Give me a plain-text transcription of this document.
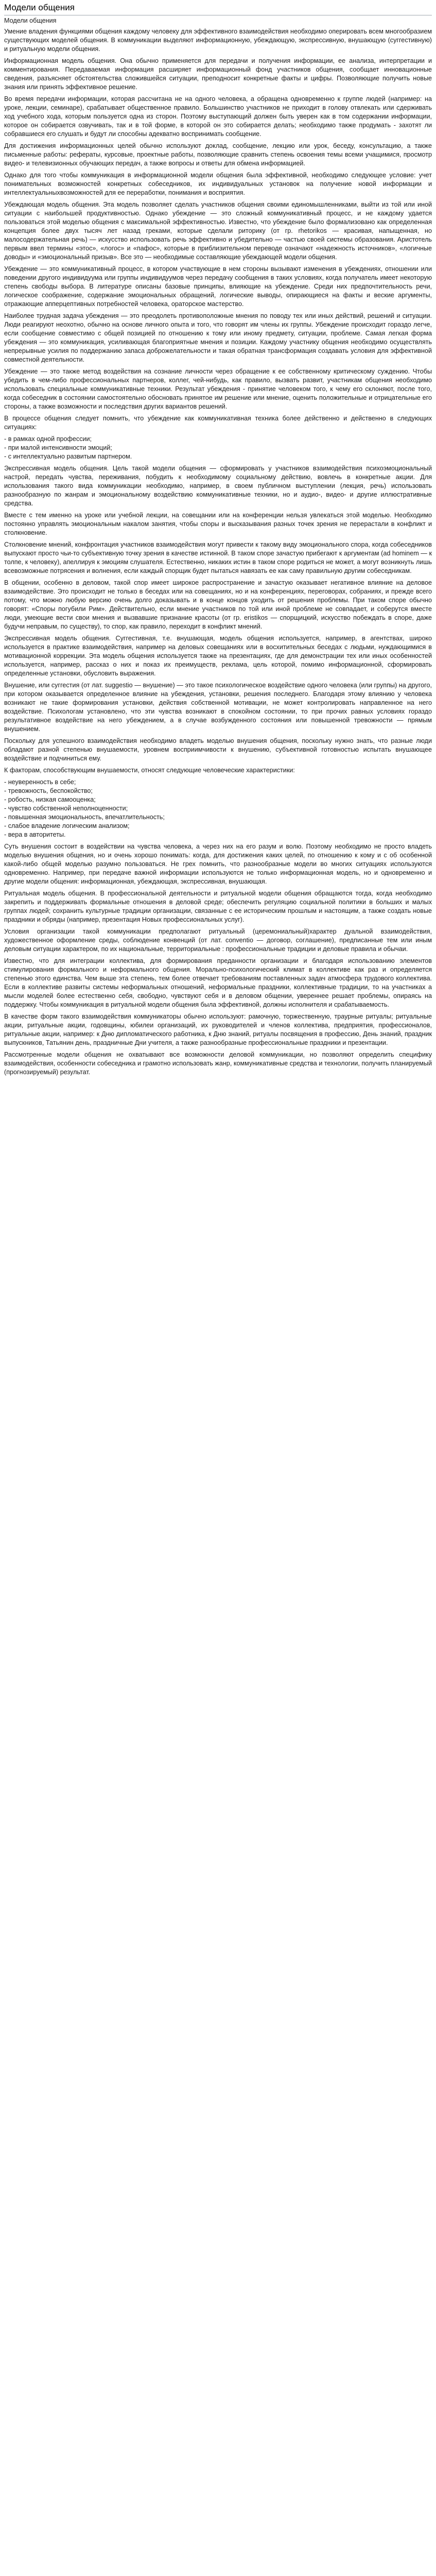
Модели общения
Модели общения

Умение владения функциями общения каждому человеку для эффективного взаимодействия необходимо оперировать всем многообразием существующих моделей общения. В коммуникации выделяют информационную, убеждающую, экспрессивную, внушающую (суггестивную) и ритуальную модели общения.

Информационная модель общения. Она обычно применяется для передачи и получения информации, ее анализа, интерпретации и комментирования. Передаваемая информация расширяет информационный фонд участников общения, сообщает инновационные сведения, разъясняет обстоятельства сложившейся ситуации, преподносит конкретные факты и цифры. Позволяющие получить новые знания или принять эффективное решение.

Во время передачи информации, которая рассчитана не на одного человека, а обращена одновременно к группе людей (например: на уроке, лекции, семинаре), срабатывает общественное правило. Большинство участников не приходит в голову отвлекать или сдерживать ход учебного хода, которым пользуется одна из сторон. Поэтому выступающий должен быть уверен как в том содержании информации, которое он собирается озвучивать, так и в той форме, в которой он это собирается делать; необходимо также продумать - захотят ли собравшиеся его слушать и будут ли способны адекватно воспринимать сообщение.

Для достижения информационных целей обычно используют доклад, сообщение, лекцию или урок, беседу, консультацию, а также письменные работы: рефераты, курсовые, проектные работы, позволяющие сравнить степень освоения темы всеми учащимися, просмотр видео- и телевизионных обучающих передач, а также вопросы и ответы для обмена информацией.

Однако для того чтобы коммуникация в информационной модели общения была эффективной, необходимо следующее условие: учет понимательных возможностей конкретных собеседников, их индивидуальных установок на получение новой информации и интеллектуальныхвозможностей для ее переработки, понимания и восприятия.

Убеждающая модель общения. Эта модель позволяет сделать участников общения своими единомышленниками, выйти из той или иной ситуации с наибольшей продуктивностью. Однако убеждение — это сложный коммуникативный процесс, и не каждому удается пользоваться этой моделью общения с максимальной эффективностью. Известно, что убеждение было формализовано как определенная концепция более двух тысяч лет назад греками, которые сделали риторику (от гр. rhetorikos — красивая, напыщенная, но малосодержательная речь) — искусство использовать речь эффективно и убедительно — частью своей системы образования. Аристотель первым ввел термины «этос», «логос» и «пафос», которые в приблизительном переводе означают «надежность источников», «логичные доводы» и «эмоциональный призыв». Все это — необходимые составляющие убеждающей модели общения.

Убеждение — это коммуникативный процесс, в котором участвующие в нем стороны вызывают изменения в убеждениях, отношении или поведении другого индивидуума или группы индивидуумов через передачу сообщения в таких условиях, когда получатель имеет некоторую степень свободы выбора. В литературе описаны базовые принципы, влияющие на убеждение. Среди них предпочтительность речи, логическое соображение, содержание эмоциональных обращений, логические выводы, опирающиеся на факты и веские аргументы, отражающие апперцептивных потребностей человека, ораторское мастерство.

Наиболее трудная задача убеждения — это преодолеть противоположные мнения по поводу тех или иных действий, решений и ситуации. Люди реагируют неохотно, обычно на основе личного опыта и того, что говорят им члены их группы. Убеждение происходит гораздо легче, если сообщение совместимо с общей позицией по отношению к тому или иному предмету, ситуации, проблеме. Самая легкая форма убеждения — это коммуникация, усиливающая благоприятные мнения и позиции. Каждому участнику общения необходимо осуществлять непрерывные усилия по поддержанию запаса доброжелательности и такая обратная трансформация создавать условия для эффективной совместной деятельности.

Убеждение — это также метод воздействия на сознание личности через обращение к ее собственному критическому суждению. Чтобы убедить в чем-либо профессиональных партнеров, коллег, чей-нибудь, как правило, вызвать развит, участникам общения необходимо использовать специальные коммуникативные техники. Результат убеждения - принятие человеком того, к чему его склоняют, после того, когда собеседник в состоянии самостоятельно обосновать принятое им решение или мнение, оценить положительные и отрицательные его стороны, а также возможности и последствия других вариантов решений.

В процессе общения следует помнить, что убеждение как коммуникативная техника более действенно и действенно в следующих ситуациях:

- в рамках одной профессии;
- при малой интенсивности эмоций;
- с интеллектуально развитым партнером.

Экспрессивная модель общения. Цель такой модели общения — сформировать у участников взаимодействия психоэмоциональный настрой, передать чувства, переживания, побудить к необходимому социальному действию, вовлечь в конкретные акции. Для использования такого вида коммуникации необходимо, например, в своем публичном выступлении (лекция, речь) использовать разнообразную по жанрам и эмоциональному воздействию коммуникативные техники, но и аудио-, видео- и другие иллюстративные средства.

Вместе с тем именно на уроке или учебной лекции, на совещании или на конференции нельзя увлекаться этой моделью. Необходимо постоянно управлять эмоциональным накалом занятия, чтобы споры и высказывания разных точек зрения не перерастали в конфликт и столкновение.

Столкновение мнений, конфронтация участников взаимодействия могут привести к такому виду эмоционального спора, когда собеседников выпускают просто чьи-то субъективную точку зрения в качестве истинной. В таком споре зачастую прибегают к аргументам (ad hominem — к толпе, к человеку), апеллируя к эмоциям слушателя. Естественно, никаких истин в таком споре родиться не может, а могут возникнуть лишь всевозможные потрясения и волнения, если каждый спорщик будет пытаться навязать ее как саму правильную другим собеседникам.

В общении, особенно в деловом, такой спор имеет широкое распространение и зачастую оказывает негативное влияние на деловое взаимодействие. Это происходит не только в беседах или на совещаниях, но и на конференциях, переговорах, собраниях, и прежде всего потому, что можно любую версию очень долго доказывать и в конце концов уходить от решения проблемы. При таком споре обычно говорят: «Споры погубили Рим». Действительно, если мнение участников по той или иной проблеме не совпадает, и соберутся вместе люди, умеющие вести свои мнения и вызвавшие признание красоты (от гр. eristikos — спорщицкий, искусство побеждать в споре, даже будучи неправым, по существу), то спор, как правило, переходит в конфликт мнений.

Экспрессивная модель общения. Суггестивная, т.е. внушающая, модель общения используется, например, в агентствах, широко используется в практике взаимодействия, например на деловых совещаниях или в восхитительных беседах с людьми, нуждающимися в мотивационной коррекции. Эта модель общения используется также на презентациях, где для демонстрации тех или иных особенностей используется, например, рассказ о них и показ их преимуществ, реклама, цель которой, помимо информационной, сформировать определенные установки, обусловить выражения.

Внушение, или суггестия (от лат. suggestio — внушение) — это такое психологическое воздействие одного человека (или группы) на другого, при котором оказывается определенное влияние на убеждения, установки, решения последнего. Благодаря этому влиянию у человека возникают не такие формирования установки, действия собственной мотивации, не может контролировать направленное на него воздействие. Психологам установлено, что эти чувства возникают в спокойном состоянии, то при прочих равных условиях гораздо результативное воздействие на него убеждением, а в случае возбужденного состояния или повышенной тревожности — прямым внушением.

Поскольку для успешного взаимодействия необходимо владеть моделью внушения общения, поскольку нужно знать, что разные люди обладают разной степенью внушаемости, уровнем восприимчивости к внушению, субъективной готовностью испытать внушающее воздействие и подчиниться ему.

К факторам, способствующим внушаемости, относят следующие человеческие характеристики:

- неуверенность в себе;
- тревожность, беспокойство;
- робость, низкая самооценка;
- чувство собственной неполноценности;
- повышенная эмоциональность, впечатлительность;
- слабое владение логическим анализом;
- вера в авторитеты.

Суть внушения состоит в воздействии на чувства человека, а через них на его разум и волю. Поэтому необходимо не просто владеть моделью внушения общения, но и очень хорошо понимать: когда, для достижения каких целей, по отношению к кому и с об особенной какой-либо общей моделью разумно пользоваться. Не грех помнить, что разнообразные модели во многих ситуациях используются одновременно. Например, при передаче важной информации используются не только информационная модель, но и одновременно и другие модели общения: информационная, убеждающая, экспрессивная, внушающая.

Ритуальная модель общения. В профессиональной деятельности и ритуальной модели общения обращаются тогда, когда необходимо закрепить и поддерживать формальные отношения в деловой среде; обеспечить регуляцию социальной политики в больших и малых группах людей; сохранить культурные традиции организации, связанные с ее историческим прошлым и настоящим, а также создать новые праздники и обряды (например, презентация Новых профессиональных услуг).

Условия организации такой коммуникации предполагают ритуальный (церемониальный)характер дуальной взаимодействия, художественное оформление среды, соблюдение конвенций (от лат. conventio — договор, соглашение), предписанные тем или иным деловым ситуации характером, по их национальные, территориальные : профессиональные традиции и деловые правила и обычаи.

Известно, что для интеграции коллектива, для формирования преданности организации и благодаря использованию элементов стимулирования формального и неформального общения. Морально-психологический климат в коллективе как раз и определяется степенью этого единства. Чем выше эта степень, тем более отвечает требованиям поставленных задач атмосфера трудового коллектива. Если в коллективе развиты системы неформальных отношений, неформальные праздники, коллективные традиции, то на участниках а мысли моделей более естественно себя, свободно, чувствуют себя и в деловом общении, увереннее решает проблемы, опираясь на поддержку. Чтобы коммуникация в ритуальной модели общения была эффективной, должны исполнителя и срабатываемость.

В качестве форм такого взаимодействия коммуникаторы обычно используют: рамочную, торжественную, траурные ритуалы; ритуальные акции, ритуальные акции, годовщины, юбилеи организаций, их руководителей и членов коллектива, предприятия, профессионалов, ритуальные акции, например: к Дню дипломатического работника, к Дню знаний, ритуалы посвящения в профессию, День знаний, праздник выпускников, Татьянин день, праздничные Дни учителя, а также разнообразные профессиональные праздники и презентации.

Рассмотренные модели общения не охватывают все возможности деловой коммуникации, но позволяют определить специфику взаимодействия, особенности собеседника и грамотно использовать жанр, коммуникативные средства и технологии, получить планируемый (прогнозируемый) результат.
